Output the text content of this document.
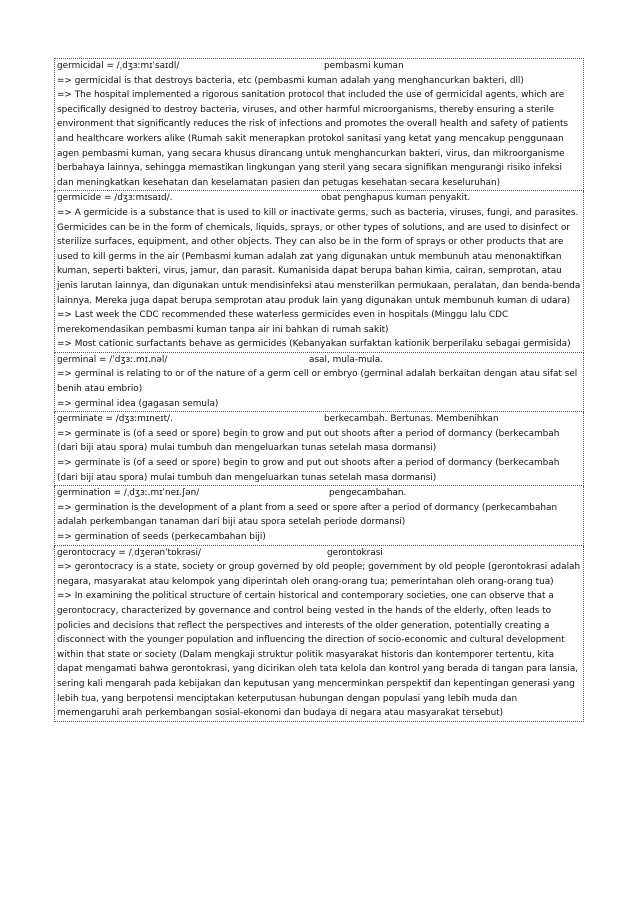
germicidal = /ˌdʒɜːmɪˈsaɪdl/	pembasmi kuman

=> germicidal is that destroys bacteria, etc (pembasmi kuman adalah yang menghancurkan bakteri, dll)

=> The hospital implemented a rigorous sanitation protocol that included the use of germicidal agents, which are specifically designed to destroy bacteria, viruses, and other harmful microorganisms, thereby ensuring a sterile environment that significantly reduces the risk of infections and promotes the overall health and safety of patients and healthcare workers alike (Rumah sakit menerapkan protokol sanitasi yang ketat yang mencakup penggunaan agen pembasmi kuman, yang secara khusus dirancang untuk menghancurkan bakteri, virus, dan mikroorganisme berbahaya lainnya, sehingga memastikan lingkungan yang steril yang secara signifikan mengurangi risiko infeksi dan meningkatkan kesehatan dan keselamatan pasien dan petugas kesehatan secara keseluruhan)

germicide = /dʒɜːmɪsaɪd/.	obat penghapus kuman penyakit.

=> A germicide is a substance that is used to kill or inactivate germs, such as bacteria, viruses, fungi, and parasites. Germicides can be in the form of chemicals, liquids, sprays, or other types of solutions, and are used to disinfect or sterilize surfaces, equipment, and other objects. They can also be in the form of sprays or other products that are used to kill germs in the air (Pembasmi kuman adalah zat yang digunakan untuk membunuh atau menonaktifkan kuman, seperti bakteri, virus, jamur, dan parasit. Kumanisida dapat berupa bahan kimia, cairan, semprotan, atau jenis larutan lainnya, dan digunakan untuk mendisinfeksi atau mensterilkan permukaan, peralatan, dan benda-benda lainnya. Mereka juga dapat berupa semprotan atau produk lain yang digunakan untuk membunuh kuman di udara)

=> Last week the CDC recommended these waterless germicides even in hospitals (Minggu lalu CDC merekomendasikan pembasmi kuman tanpa air ini bahkan di rumah sakit)

=> Most cationic surfactants behave as germicides (Kebanyakan surfaktan kationik berperilaku sebagai germisida)

germinal = /ˈdʒɜː.mɪ.nəl/	asal, mula-mula.

=> germinal is relating to or of the nature of a germ cell or embryo (germinal adalah berkaitan dengan atau sifat sel benih atau embrio)

=> germinal idea (gagasan semula)

germinate = /dʒɜːmɪneɪt/.	berkecambah. Bertunas. Membenihkan

=> germinate is (of a seed or spore) begin to grow and put out shoots after a period of dormancy (berkecambah (dari biji atau spora) mulai tumbuh dan mengeluarkan tunas setelah masa dormansi)

=> germinate is (of a seed or spore) begin to grow and put out shoots after a period of dormancy (berkecambah (dari biji atau spora) mulai tumbuh dan mengeluarkan tunas setelah masa dormansi)

germination = /ˌdʒɜː.mɪˈneɪ.ʃən/	pengecambahan.

=> germination is the development of a plant from a seed or spore after a period of dormancy (perkecambahan adalah perkembangan tanaman dari biji atau spora setelah periode dormansi)

=> germination of seeds (perkecambahan biji)

gerontocracy = /ˌdʒerənˈtɒkrəsi/	gerontokrasi

=> gerontocracy is a state, society or group governed by old people; government by old people (gerontokrasi adalah negara, masyarakat atau kelompok yang diperintah oleh orang-orang tua; pemerintahan oleh orang-orang tua)

=> In examining the political structure of certain historical and contemporary societies, one can observe that a gerontocracy, characterized by governance and control being vested in the hands of the elderly, often leads to policies and decisions that reflect the perspectives and interests of the older generation, potentially creating a disconnect with the younger population and influencing the direction of socio-economic and cultural development within that state or society (Dalam mengkaji struktur politik masyarakat historis dan kontemporer tertentu, kita dapat mengamati bahwa gerontokrasi, yang dicirikan oleh tata kelola dan kontrol yang berada di tangan para lansia, sering kali mengarah pada kebijakan dan keputusan yang mencerminkan perspektif dan kepentingan generasi yang lebih tua, yang berpotensi menciptakan keterputusan hubungan dengan populasi yang lebih muda dan memengaruhi arah perkembangan sosial-ekonomi dan budaya di negara atau masyarakat tersebut)
